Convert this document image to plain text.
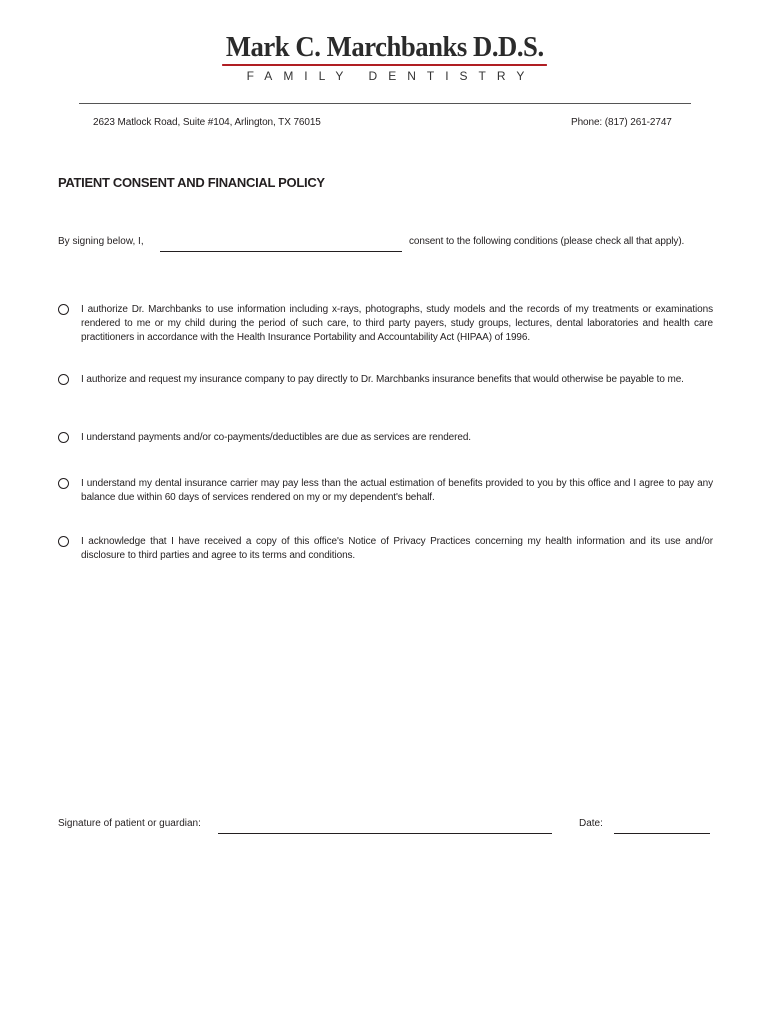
Mark C. Marchbanks D.D.S.
FAMILY DENTISTRY
2623 Matlock Road, Suite #104, Arlington, TX 76015	Phone: (817) 261-2747
PATIENT CONSENT AND FINANCIAL POLICY
By signing below, I,	consent to the following conditions (please check all that apply).
I authorize Dr. Marchbanks to use information including x-rays, photographs, study models and the records of my treatments or examinations rendered to me or my child during the period of such care, to third party payers, study groups, lectures, dental laboratories and health care practitioners in accordance with the Health Insurance Portability and Accountability Act (HIPAA) of 1996.
I authorize and request my insurance company to pay directly to Dr. Marchbanks insurance benefits that would otherwise be payable to me.
I understand payments and/or co-payments/deductibles are due as services are rendered.
I understand my dental insurance carrier may pay less than the actual estimation of benefits provided to you by this office and I agree to pay any balance due within 60 days of services rendered on my or my dependent's behalf.
I acknowledge that I have received a copy of this office's Notice of Privacy Practices concerning my health information and its use and/or disclosure to third parties and agree to its terms and conditions.
Signature of patient or guardian:	Date:
